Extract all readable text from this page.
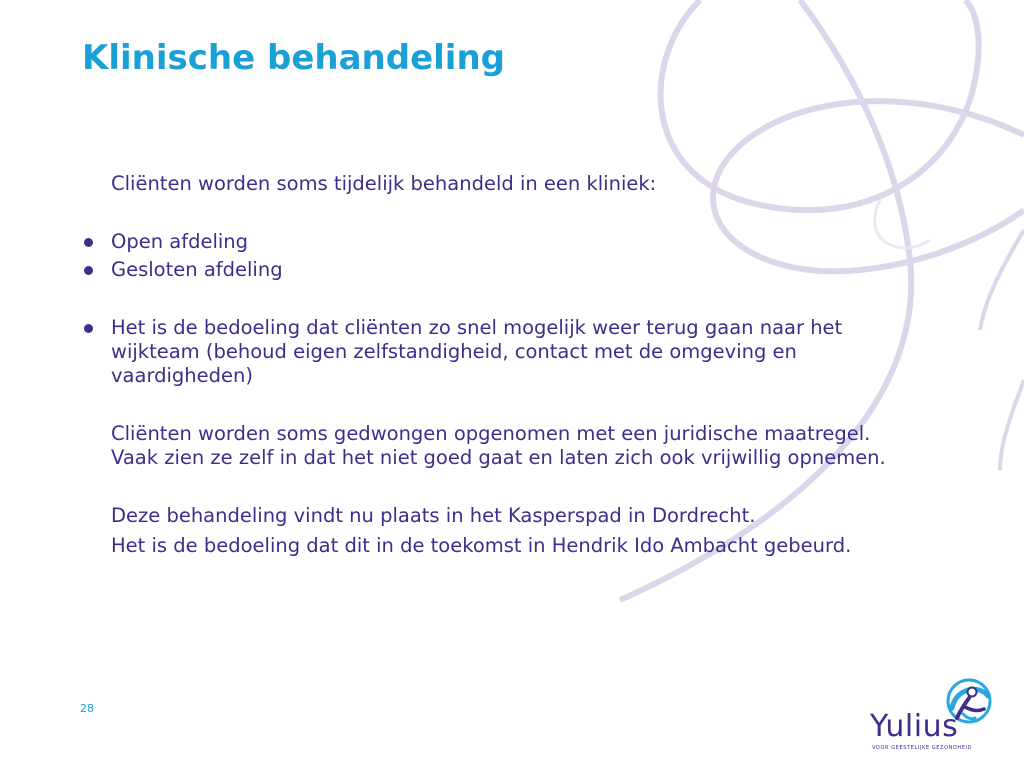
Klinische behandeling

Cliënten worden soms tijdelijk behandeld in een kliniek:

Open afdeling

Gesloten afdeling

Het is de bedoeling dat cliënten zo snel mogelijk weer terug gaan naar het wijkteam (behoud eigen zelfstandigheid, contact met de omgeving en vaardigheden)

Cliënten worden soms gedwongen opgenomen met een juridische maatregel. Vaak zien ze zelf in dat het niet goed gaat en laten zich ook vrijwillig opnemen.

Deze behandeling vindt nu plaats in het Kasperspad in Dordrecht.

Het is de bedoeling dat dit in de toekomst in Hendrik Ido Ambacht gebeurd.

28
Yulius
VOOR GEESTELIJKE GEZONDHEID
